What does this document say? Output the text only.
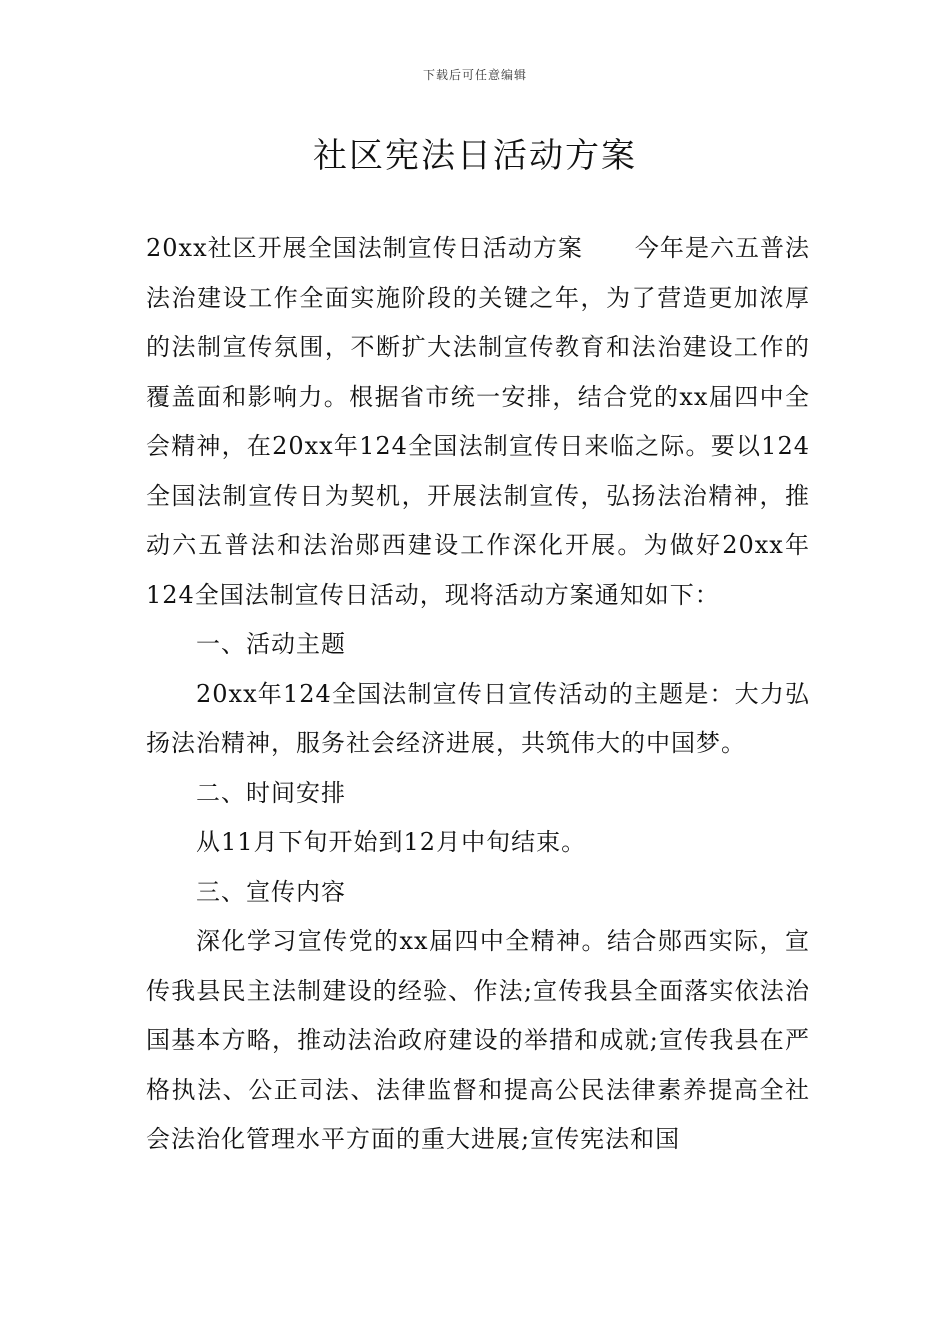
下载后可任意编辑
社区宪法日活动方案

20xx社区开展全国法制宣传日活动方案 今年是六五普法法治建设工作全面实施阶段的关键之年，为了营造更加浓厚的法制宣传氛围，不断扩大法制宣传教育和法治建设工作的覆盖面和影响力。根据省市统一安排，结合党的xx届四中全会精神，在20xx年124全国法制宣传日来临之际。要以124全国法制宣传日为契机，开展法制宣传，弘扬法治精神，推动六五普法和法治郧西建设工作深化开展。为做好20xx年124全国法制宣传日活动，现将活动方案通知如下：

一、活动主题

20xx年124全国法制宣传日宣传活动的主题是：大力弘扬法治精神，服务社会经济进展，共筑伟大的中国梦。

二、时间安排

从11月下旬开始到12月中旬结束。

三、宣传内容

深化学习宣传党的xx届四中全精神。结合郧西实际，宣传我县民主法制建设的经验、作法;宣传我县全面落实依法治国基本方略，推动法治政府建设的举措和成就;宣传我县在严格执法、公正司法、法律监督和提高公民法律素养提高全社会法治化管理水平方面的重大进展;宣传宪法和国
